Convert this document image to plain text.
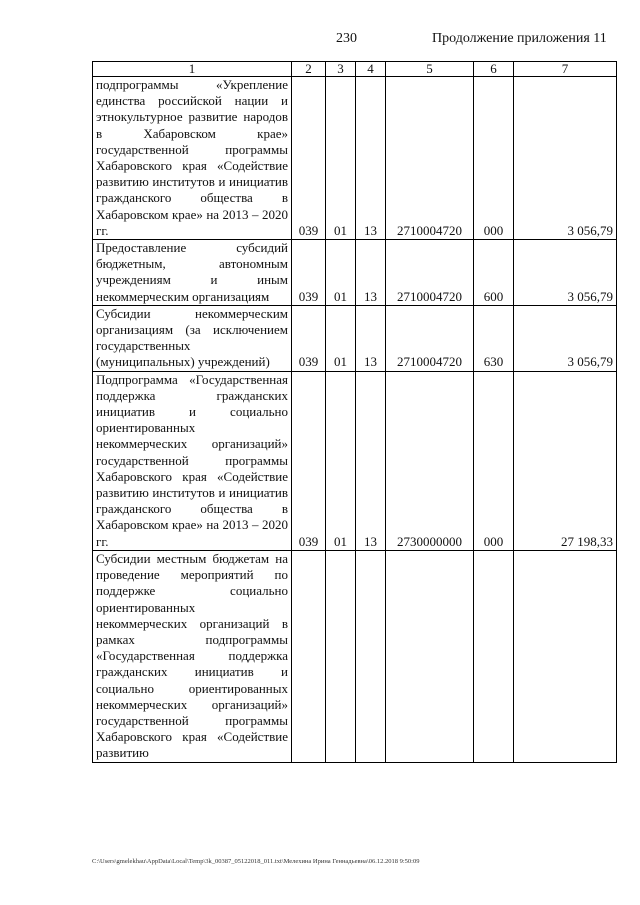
230	Продолжение приложения 11
1	2	3	4	5	6	7
подпрограммы «Укрепление единства российской нации и этнокультурное развитие народов в Хабаровском крае» государственной программы Хабаровского края «Содействие развитию институтов и инициатив гражданского общества в Хабаровском крае» на 2013 – 2020 гг.	039	01	13	2710004720	000	3 056,79
Предоставление субсидий бюджетным, автономным учреждениям и иным некоммерческим организациям	039	01	13	2710004720	600	3 056,79
Субсидии некоммерческим организациям (за исключением государственных (муниципальных) учреждений)	039	01	13	2710004720	630	3 056,79
Подпрограмма «Государственная поддержка гражданских инициатив и социально ориентированных некоммерческих организаций» государственной программы Хабаровского края «Содействие развитию институтов и инициатив гражданского общества в Хабаровском крае» на 2013 – 2020 гг.	039	01	13	2730000000	000	27 198,33
Субсидии местным бюджетам на проведение мероприятий по поддержке социально ориентированных некоммерческих организаций в рамках подпрограммы «Государственная поддержка гражданских инициатив и социально ориентированных некоммерческих организаций» государственной программы Хабаровского края «Содействие развитию						
C:\Users\gmelekhau\AppData\Local\Temp\3k_00387_05122018_011.txt\Мелехина Ирина Геннадьевна\06.12.2018 9:50:09
